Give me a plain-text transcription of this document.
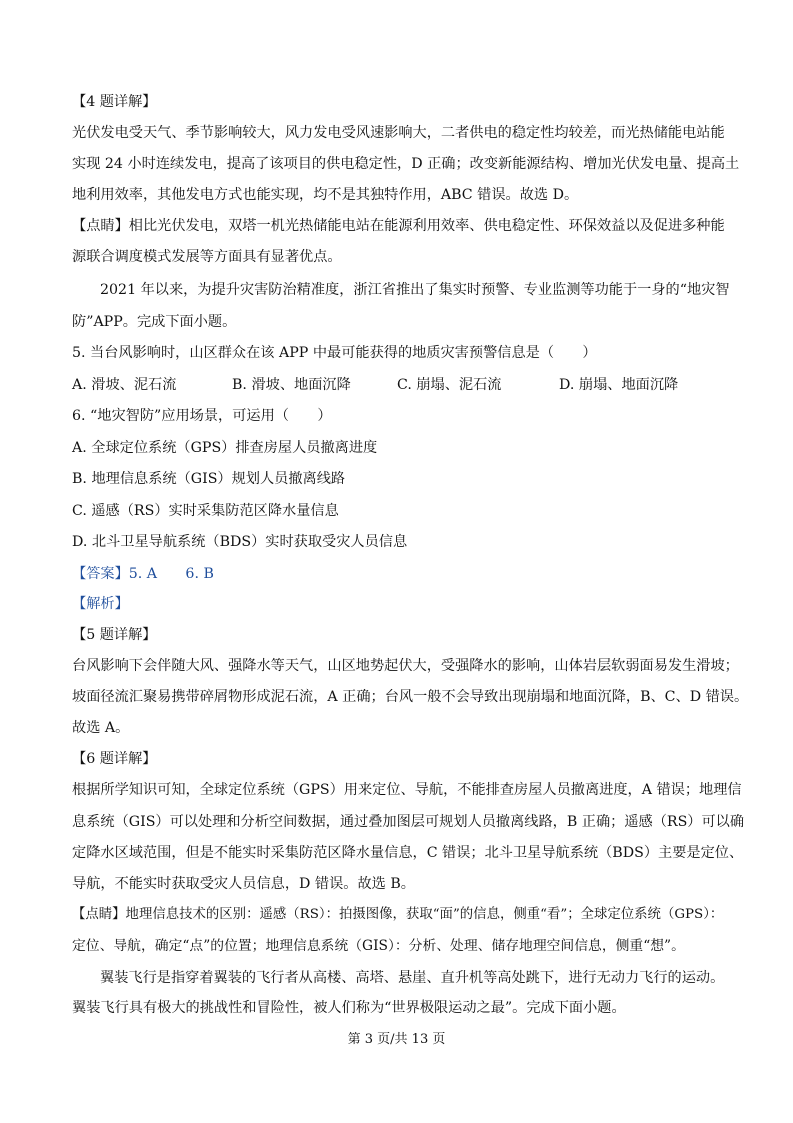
【4 题详解】
光伏发电受天气、季节影响较大，风力发电受风速影响大，二者供电的稳定性均较差，而光热储能电站能
实现 24 小时连续发电，提高了该项目的供电稳定性，D 正确；改变新能源结构、增加光伏发电量、提高土
地利用效率，其他发电方式也能实现，均不是其独特作用，ABC 错误。故选 D。
【点睛】相比光伏发电，双塔一机光热储能电站在能源利用效率、供电稳定性、环保效益以及促进多种能
源联合调度模式发展等方面具有显著优点。
2021 年以来，为提升灾害防治精准度，浙江省推出了集实时预警、专业监测等功能于一身的“地灾智
防”APP。完成下面小题。
5. 当台风影响时，山区群众在该 APP 中最可能获得的地质灾害预警信息是（　　）
A. 滑坡、泥石流	B. 滑坡、地面沉降	C. 崩塌、泥石流	D. 崩塌、地面沉降
6. “地灾智防”应用场景，可运用（　　）
A. 全球定位系统（GPS）排查房屋人员撤离进度
B. 地理信息系统（GIS）规划人员撤离线路
C. 遥感（RS）实时采集防范区降水量信息
D. 北斗卫星导航系统（BDS）实时获取受灾人员信息
【答案】5. A　　6. B
【解析】
【5 题详解】
台风影响下会伴随大风、强降水等天气，山区地势起伏大，受强降水的影响，山体岩层软弱面易发生滑坡；
坡面径流汇聚易携带碎屑物形成泥石流，A 正确；台风一般不会导致出现崩塌和地面沉降，B、C、D 错误。
故选 A。
【6 题详解】
根据所学知识可知，全球定位系统（GPS）用来定位、导航，不能排查房屋人员撤离进度，A 错误；地理信
息系统（GIS）可以处理和分析空间数据，通过叠加图层可规划人员撤离线路，B 正确；遥感（RS）可以确
定降水区域范围，但是不能实时采集防范区降水量信息，C 错误；北斗卫星导航系统（BDS）主要是定位、
导航，不能实时获取受灾人员信息，D 错误。故选 B。
【点睛】地理信息技术的区别：遥感（RS）：拍摄图像，获取“面”的信息，侧重“看”；全球定位系统（GPS）：
定位、导航，确定“点”的位置；地理信息系统（GIS）：分析、处理、储存地理空间信息，侧重“想”。
翼装飞行是指穿着翼装的飞行者从高楼、高塔、悬崖、直升机等高处跳下，进行无动力飞行的运动。
翼装飞行具有极大的挑战性和冒险性，被人们称为“世界极限运动之最”。完成下面小题。
第 3 页/共 13 页
